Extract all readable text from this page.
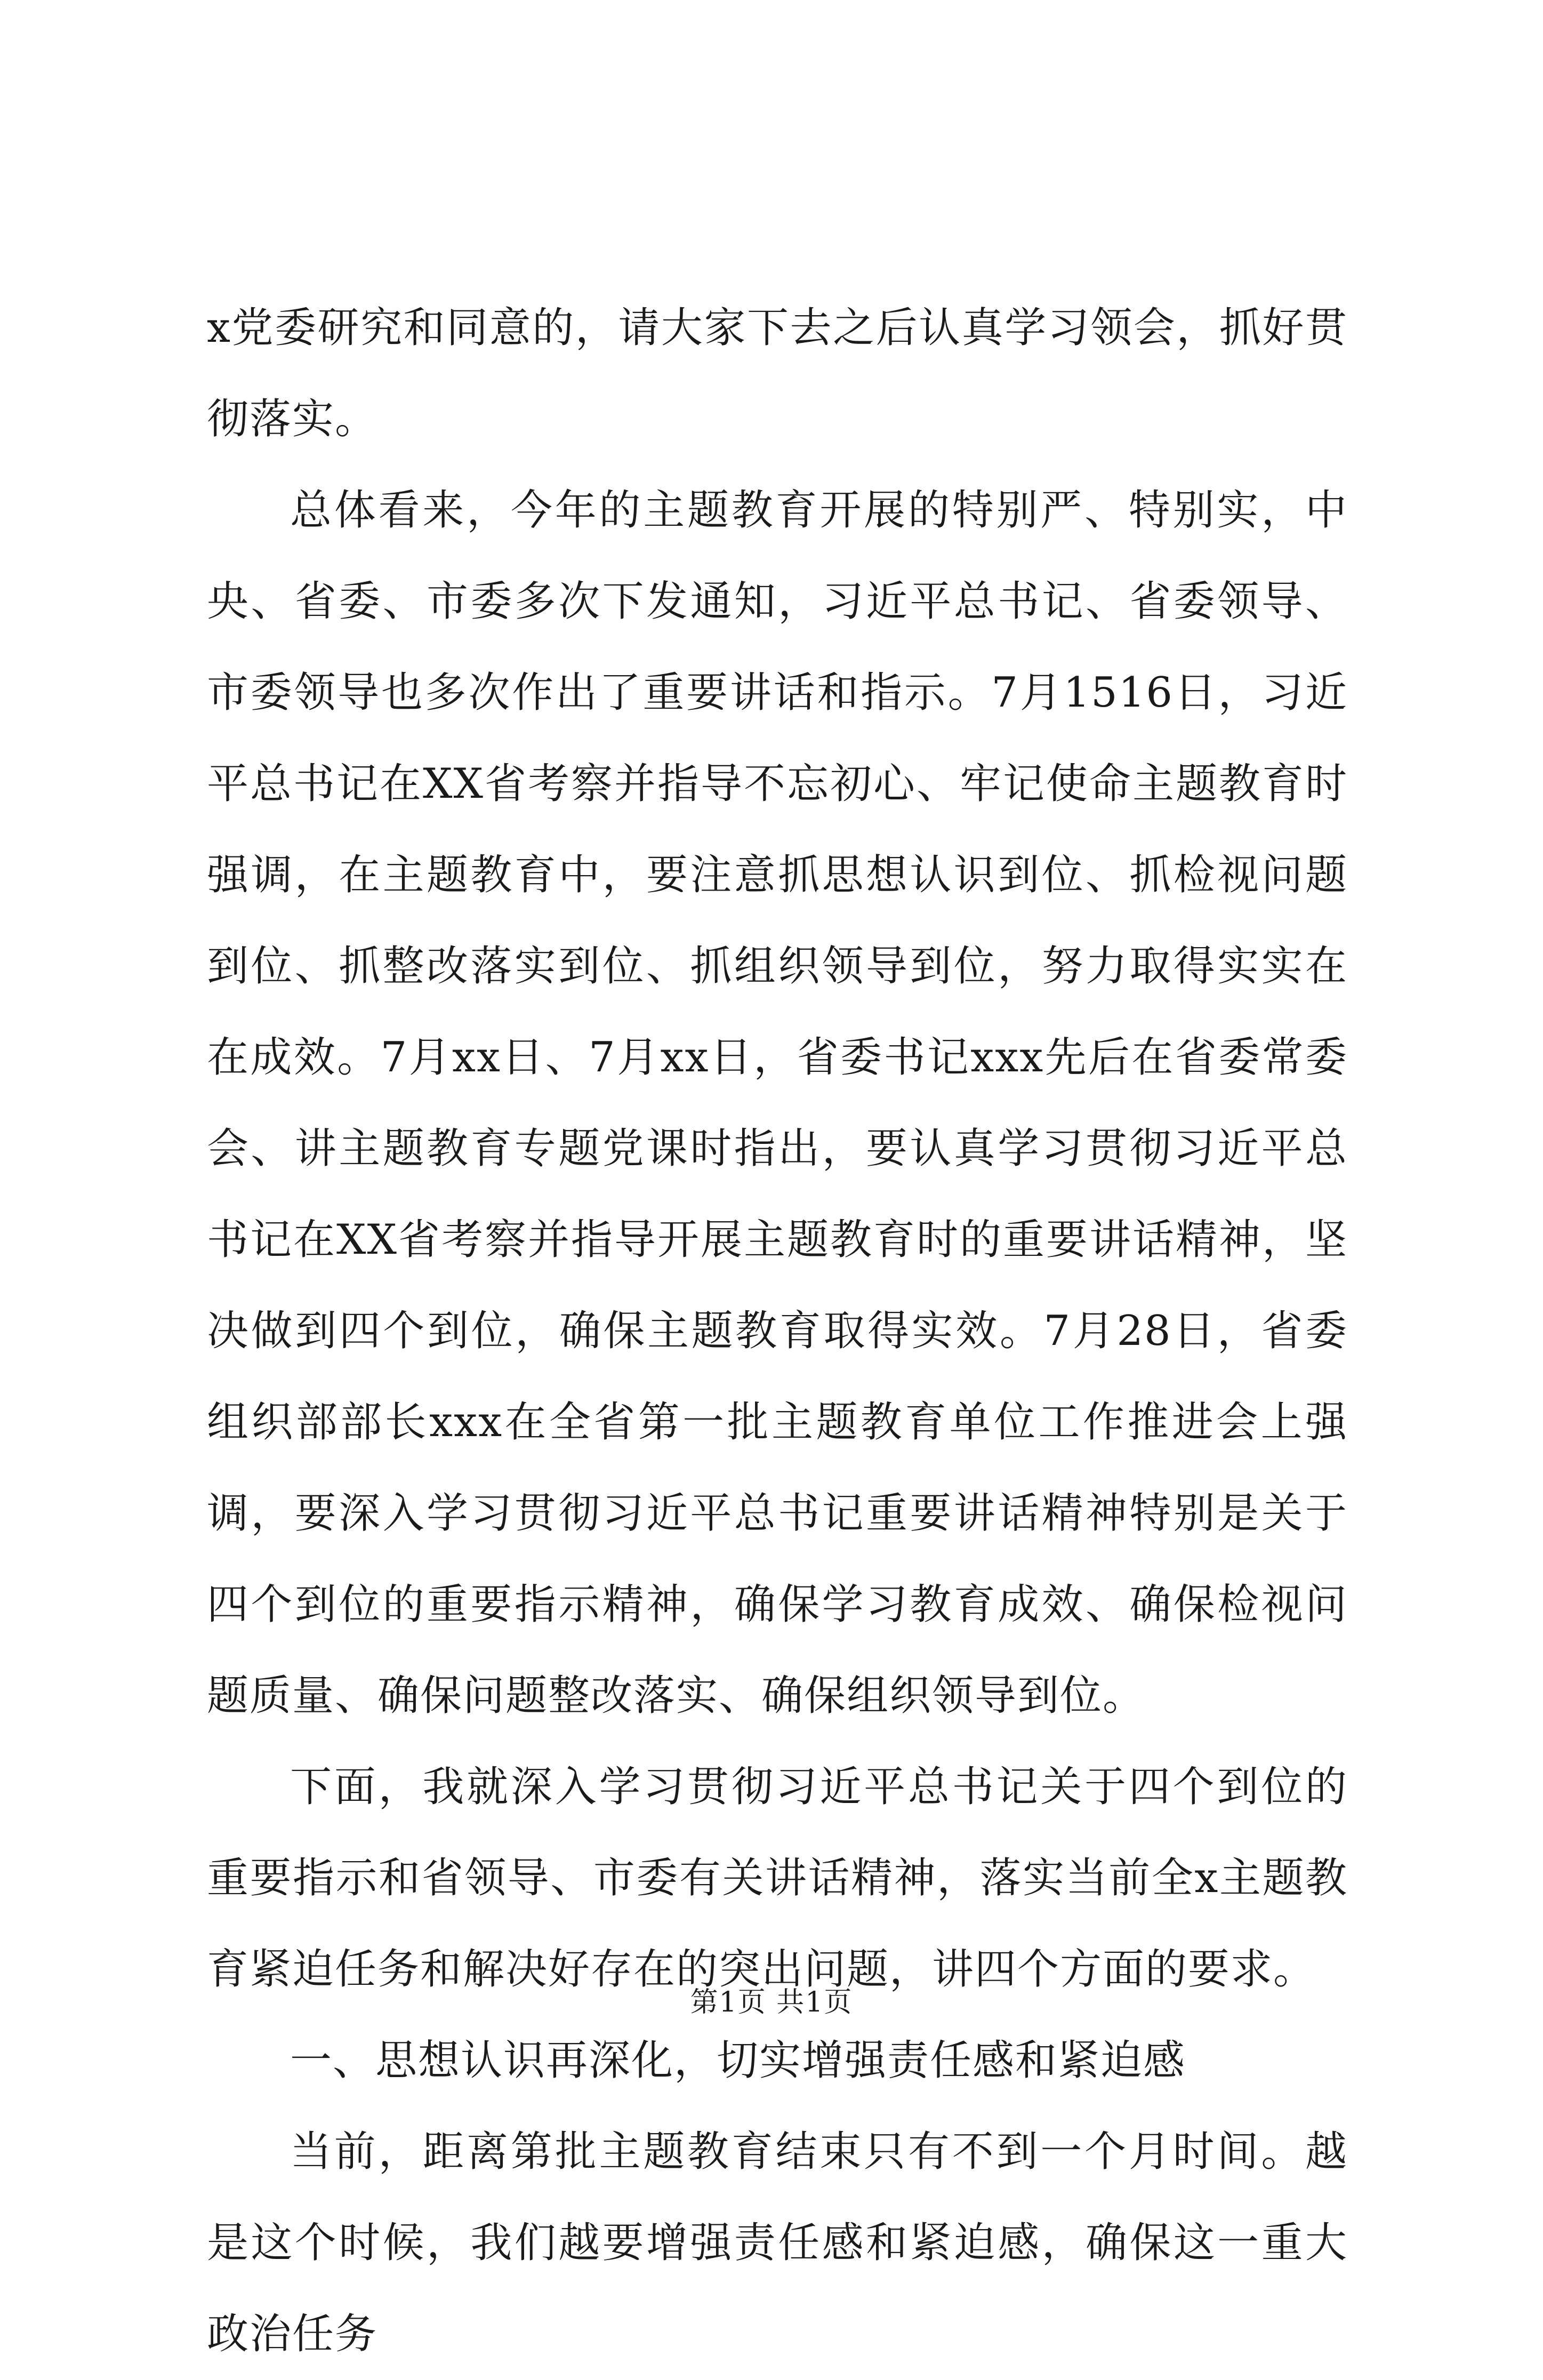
x党委研究和同意的，请大家下去之后认真学习领会，抓好贯彻落实。

总体看来，今年的主题教育开展的特别严、特别实，中央、省委、市委多次下发通知，习近平总书记、省委领导、市委领导也多次作出了重要讲话和指示。7月1516日，习近平总书记在XX省考察并指导不忘初心、牢记使命主题教育时强调，在主题教育中，要注意抓思想认识到位、抓检视问题到位、抓整改落实到位、抓组织领导到位，努力取得实实在在成效。7月xx日、7月xx日，省委书记xxx先后在省委常委会、讲主题教育专题党课时指出，要认真学习贯彻习近平总书记在XX省考察并指导开展主题教育时的重要讲话精神，坚决做到四个到位，确保主题教育取得实效。7月28日，省委组织部部长xxx在全省第一批主题教育单位工作推进会上强调，要深入学习贯彻习近平总书记重要讲话精神特别是关于四个到位的重要指示精神，确保学习教育成效、确保检视问题质量、确保问题整改落实、确保组织领导到位。

下面，我就深入学习贯彻习近平总书记关于四个到位的重要指示和省领导、市委有关讲话精神，落实当前全x主题教育紧迫任务和解决好存在的突出问题，讲四个方面的要求。

一、思想认识再深化，切实增强责任感和紧迫感

当前，距离第批主题教育结束只有不到一个月时间。越是这个时候，我们越要增强责任感和紧迫感，确保这一重大政治任务

第1页 共1页
